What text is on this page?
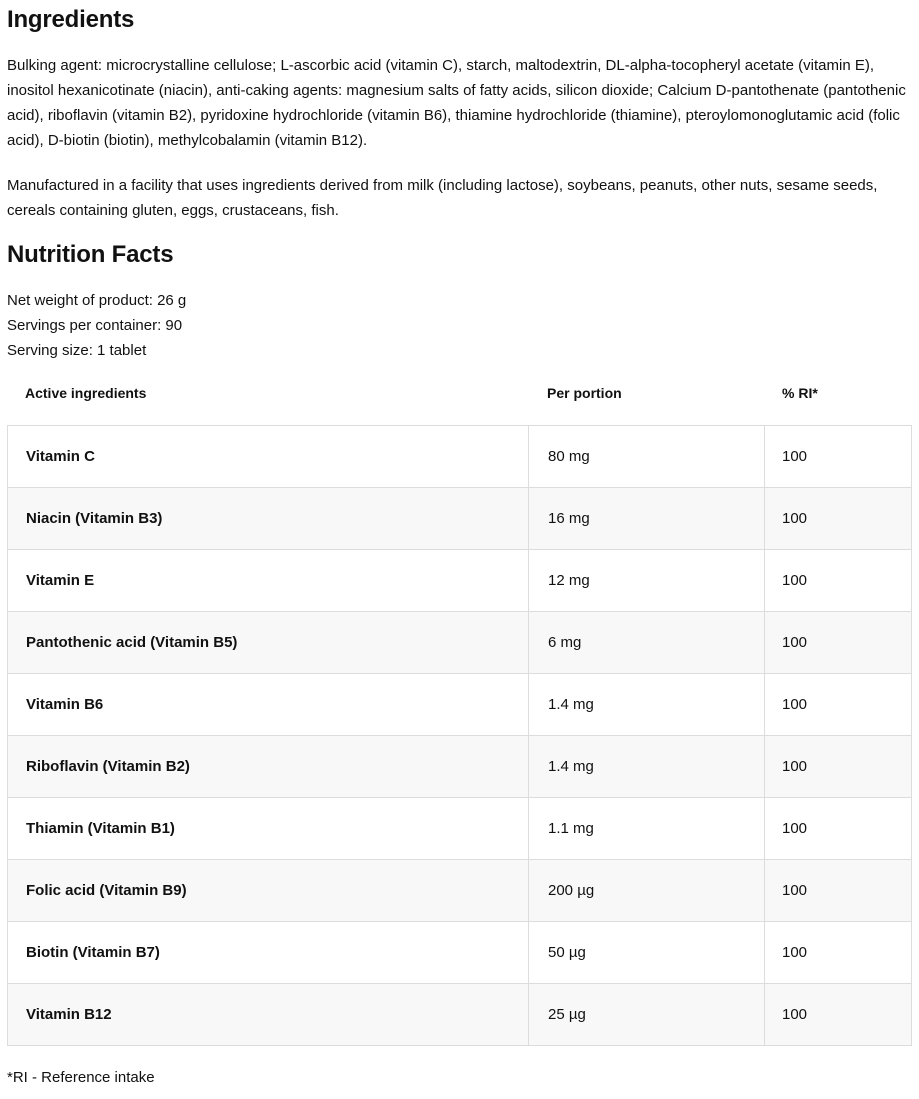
Ingredients

Bulking agent: microcrystalline cellulose; L-ascorbic acid (vitamin C), starch, maltodextrin, DL-alpha-tocopheryl acetate (vitamin E), inositol hexanicotinate (niacin), anti-caking agents: magnesium salts of fatty acids, silicon dioxide; Calcium D-pantothenate (pantothenic acid), riboflavin (vitamin B2), pyridoxine hydrochloride (vitamin B6), thiamine hydrochloride (thiamine), pteroylomonoglutamic acid (folic acid), D-biotin (biotin), methylcobalamin (vitamin B12).

Manufactured in a facility that uses ingredients derived from milk (including lactose), soybeans, peanuts, other nuts, sesame seeds, cereals containing gluten, eggs, crustaceans, fish.

Nutrition Facts
Net weight of product: 26 g
Servings per container: 90
Serving size: 1 tablet
Active ingredients	Per portion	% RI*
Vitamin C	80 mg	100
Niacin (Vitamin B3)	16 mg	100
Vitamin E	12 mg	100
Pantothenic acid (Vitamin B5)	6 mg	100
Vitamin B6	1.4 mg	100
Riboflavin (Vitamin B2)	1.4 mg	100
Thiamin (Vitamin B1)	1.1 mg	100
Folic acid (Vitamin B9)	200 µg	100
Biotin (Vitamin B7)	50 µg	100
Vitamin B12	25 µg	100
*RI - Reference intake
